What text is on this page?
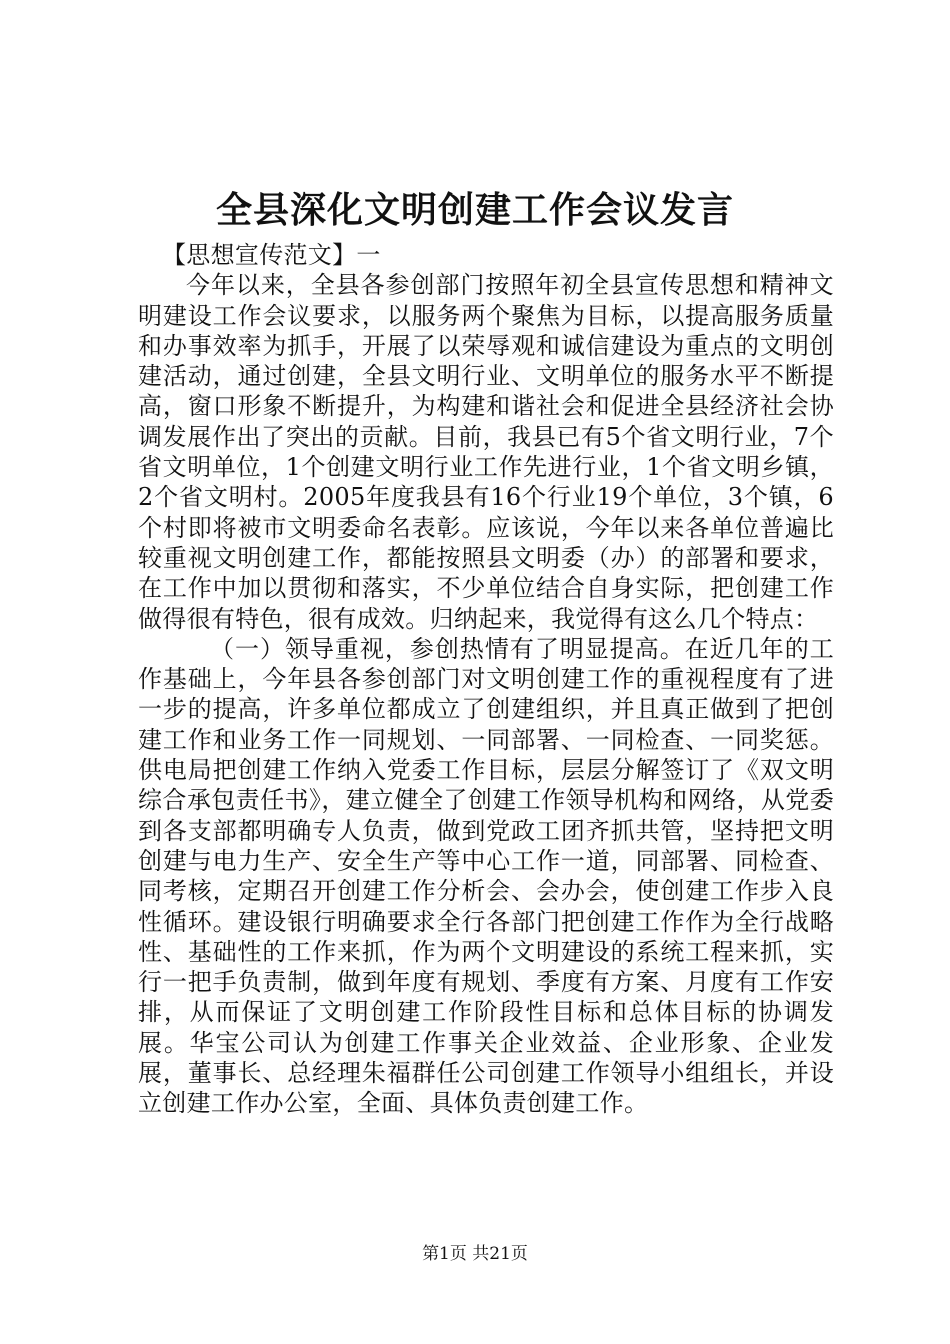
全县深化文明创建工作会议发言

【思想宣传范文】一

今年以来，全县各参创部门按照年初全县宣传思想和精神文明建设工作会议要求，以服务两个聚焦为目标，以提高服务质量和办事效率为抓手，开展了以荣辱观和诚信建设为重点的文明创建活动，通过创建，全县文明行业、文明单位的服务水平不断提高，窗口形象不断提升，为构建和谐社会和促进全县经济社会协调发展作出了突出的贡献。目前，我县已有5个省文明行业，7个省文明单位，1个创建文明行业工作先进行业，1个省文明乡镇，2个省文明村。2005年度我县有16个行业19个单位，3个镇，6个村即将被市文明委命名表彰。应该说，今年以来各单位普遍比较重视文明创建工作，都能按照县文明委（办）的部署和要求，在工作中加以贯彻和落实，不少单位结合自身实际，把创建工作做得很有特色，很有成效。归纳起来，我觉得有这么几个特点：

（一）领导重视，参创热情有了明显提高。在近几年的工作基础上，今年县各参创部门对文明创建工作的重视程度有了进一步的提高，许多单位都成立了创建组织，并且真正做到了把创建工作和业务工作一同规划、一同部署、一同检查、一同奖惩。供电局把创建工作纳入党委工作目标，层层分解签订了《双文明综合承包责任书》，建立健全了创建工作领导机构和网络，从党委到各支部都明确专人负责，做到党政工团齐抓共管，坚持把文明创建与电力生产、安全生产等中心工作一道，同部署、同检查、同考核，定期召开创建工作分析会、会办会，使创建工作步入良性循环。建设银行明确要求全行各部门把创建工作作为全行战略性、基础性的工作来抓，作为两个文明建设的系统工程来抓，实行一把手负责制，做到年度有规划、季度有方案、月度有工作安排，从而保证了文明创建工作阶段性目标和总体目标的协调发展。华宝公司认为创建工作事关企业效益、企业形象、企业发展，董事长、总经理朱福群任公司创建工作领导小组组长，并设立创建工作办公室，全面、具体负责创建工作。

第1页 共21页
